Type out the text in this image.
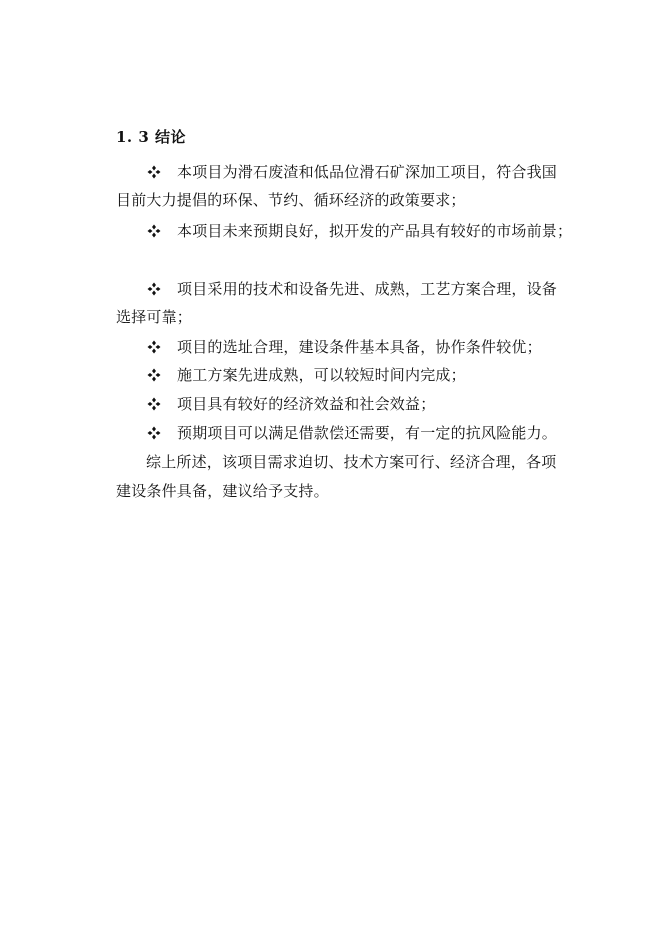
1. 3 结论
本项目为滑石废渣和低品位滑石矿深加工项目，符合我国
目前大力提倡的环保、节约、循环经济的政策要求；
本项目未来预期良好，拟开发的产品具有较好的市场前景；
项目采用的技术和设备先进、成熟，工艺方案合理，设备
选择可靠；
项目的选址合理，建设条件基本具备，协作条件较优；
施工方案先进成熟，可以较短时间内完成；
项目具有较好的经济效益和社会效益；
预期项目可以满足借款偿还需要，有一定的抗风险能力。
综上所述，该项目需求迫切、技术方案可行、经济合理，各项
建设条件具备，建议给予支持。
